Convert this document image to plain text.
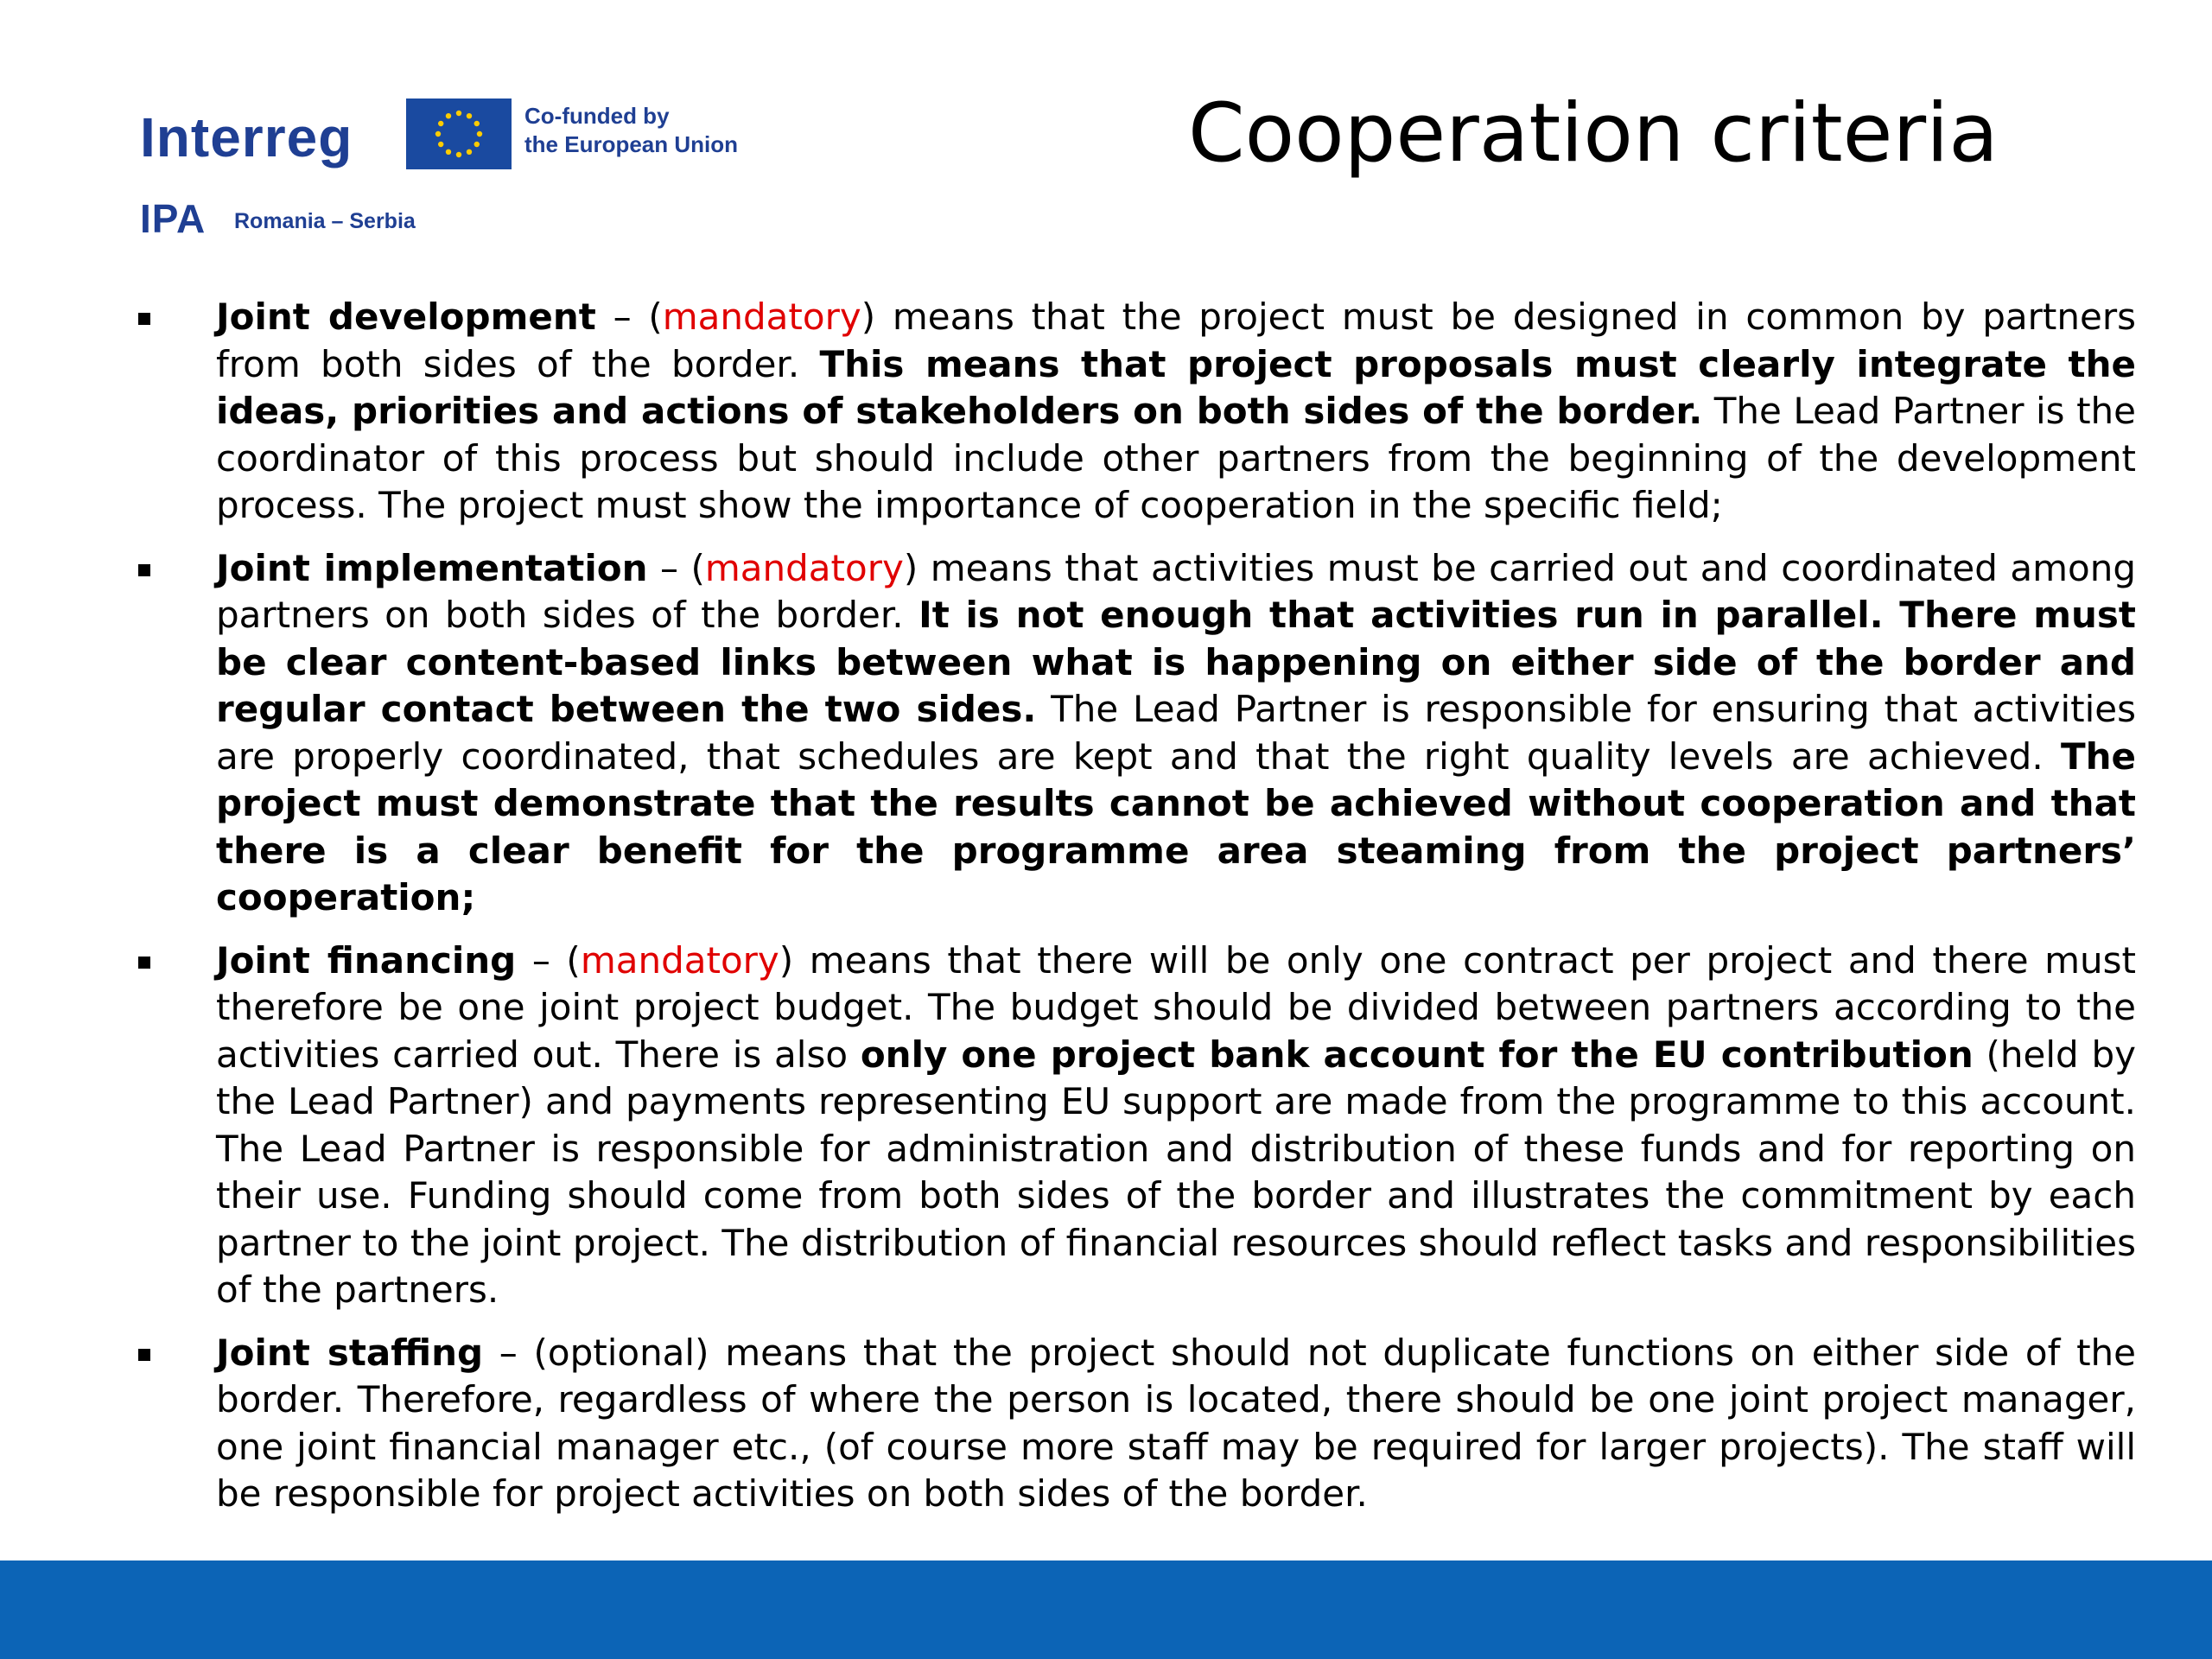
Interreg	Co-funded by
the European Union
IPA Romania – Serbia
Cooperation criteria
Joint development – (mandatory) means that the project must be designed in common by partners from both sides of the border. This means that project proposals must clearly integrate the ideas, priorities and actions of stakeholders on both sides of the border. The Lead Partner is the coordinator of this process but should include other partners from the beginning of the development process. The project must show the importance of cooperation in the specific field;
Joint implementation – (mandatory) means that activities must be carried out and coordinated among partners on both sides of the border. It is not enough that activities run in parallel. There must be clear content-based links between what is happening on either side of the border and regular contact between the two sides. The Lead Partner is responsible for ensuring that activities are properly coordinated, that schedules are kept and that the right quality levels are achieved. The project must demonstrate that the results cannot be achieved without cooperation and that there is a clear benefit for the programme area steaming from the project partners’ cooperation;
Joint financing – (mandatory) means that there will be only one contract per project and there must therefore be one joint project budget. The budget should be divided between partners according to the activities carried out. There is also only one project bank account for the EU contribution (held by the Lead Partner) and payments representing EU support are made from the programme to this account. The Lead Partner is responsible for administration and distribution of these funds and for reporting on their use. Funding should come from both sides of the border and illustrates the commitment by each partner to the joint project. The distribution of financial resources should reflect tasks and responsibilities of the partners.
Joint staffing – (optional) means that the project should not duplicate functions on either side of the border. Therefore, regardless of where the person is located, there should be one joint project manager, one joint financial manager etc., (of course more staff may be required for larger projects). The staff will be responsible for project activities on both sides of the border.
